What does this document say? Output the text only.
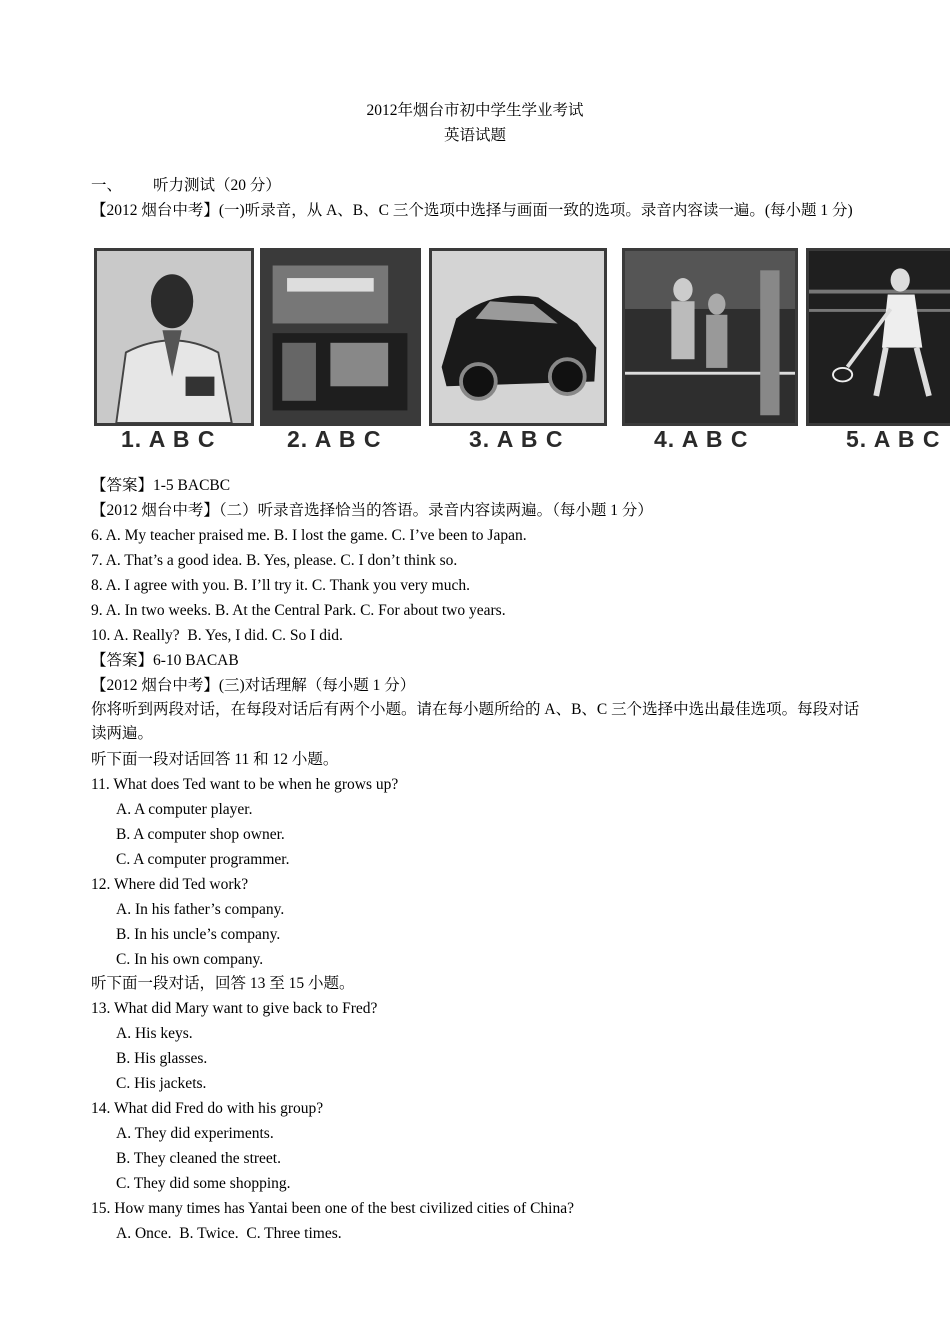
2012年烟台市初中学生学业考试
英语试题
一、        听力测试（20 分）
【2012 烟台中考】(一)听录音，从 A、B、C 三个选项中选择与画面一致的选项。录音内容读一遍。(每小题 1 分)
1. A B C	2. A B C	3. A B C	4. A B C	5. A B C
【答案】1-5 BACBC
【2012 烟台中考】（二）听录音选择恰当的答语。录音内容读两遍。（每小题 1 分）
6. A. My teacher praised me. B. I lost the game. C. I’ve been to Japan.
7. A. That’s a good idea. B. Yes, please. C. I don’t think so.
8. A. I agree with you. B. I’ll try it. C. Thank you very much.
9. A. In two weeks. B. At the Central Park. C. For about two years.
10. A. Really?  B. Yes, I did. C. So I did.
【答案】6-10 BACAB
【2012 烟台中考】(三)对话理解（每小题 1 分）
你将听到两段对话，在每段对话后有两个小题。请在每小题所给的 A、B、C 三个选择中选出最佳选项。每段对话读两遍。
听下面一段对话回答 11 和 12 小题。
11. What does Ted want to be when he grows up?
A. A computer player.
B. A computer shop owner.
C. A computer programmer.
12. Where did Ted work?
A. In his father’s company.
B. In his uncle’s company.
C. In his own company.
听下面一段对话，回答 13 至 15 小题。
13. What did Mary want to give back to Fred?
A. His keys.
B. His glasses.
C. His jackets.
14. What did Fred do with his group?
A. They did experiments.
B. They cleaned the street.
C. They did some shopping.
15. How many times has Yantai been one of the best civilized cities of China?
A. Once.  B. Twice.  C. Three times.
